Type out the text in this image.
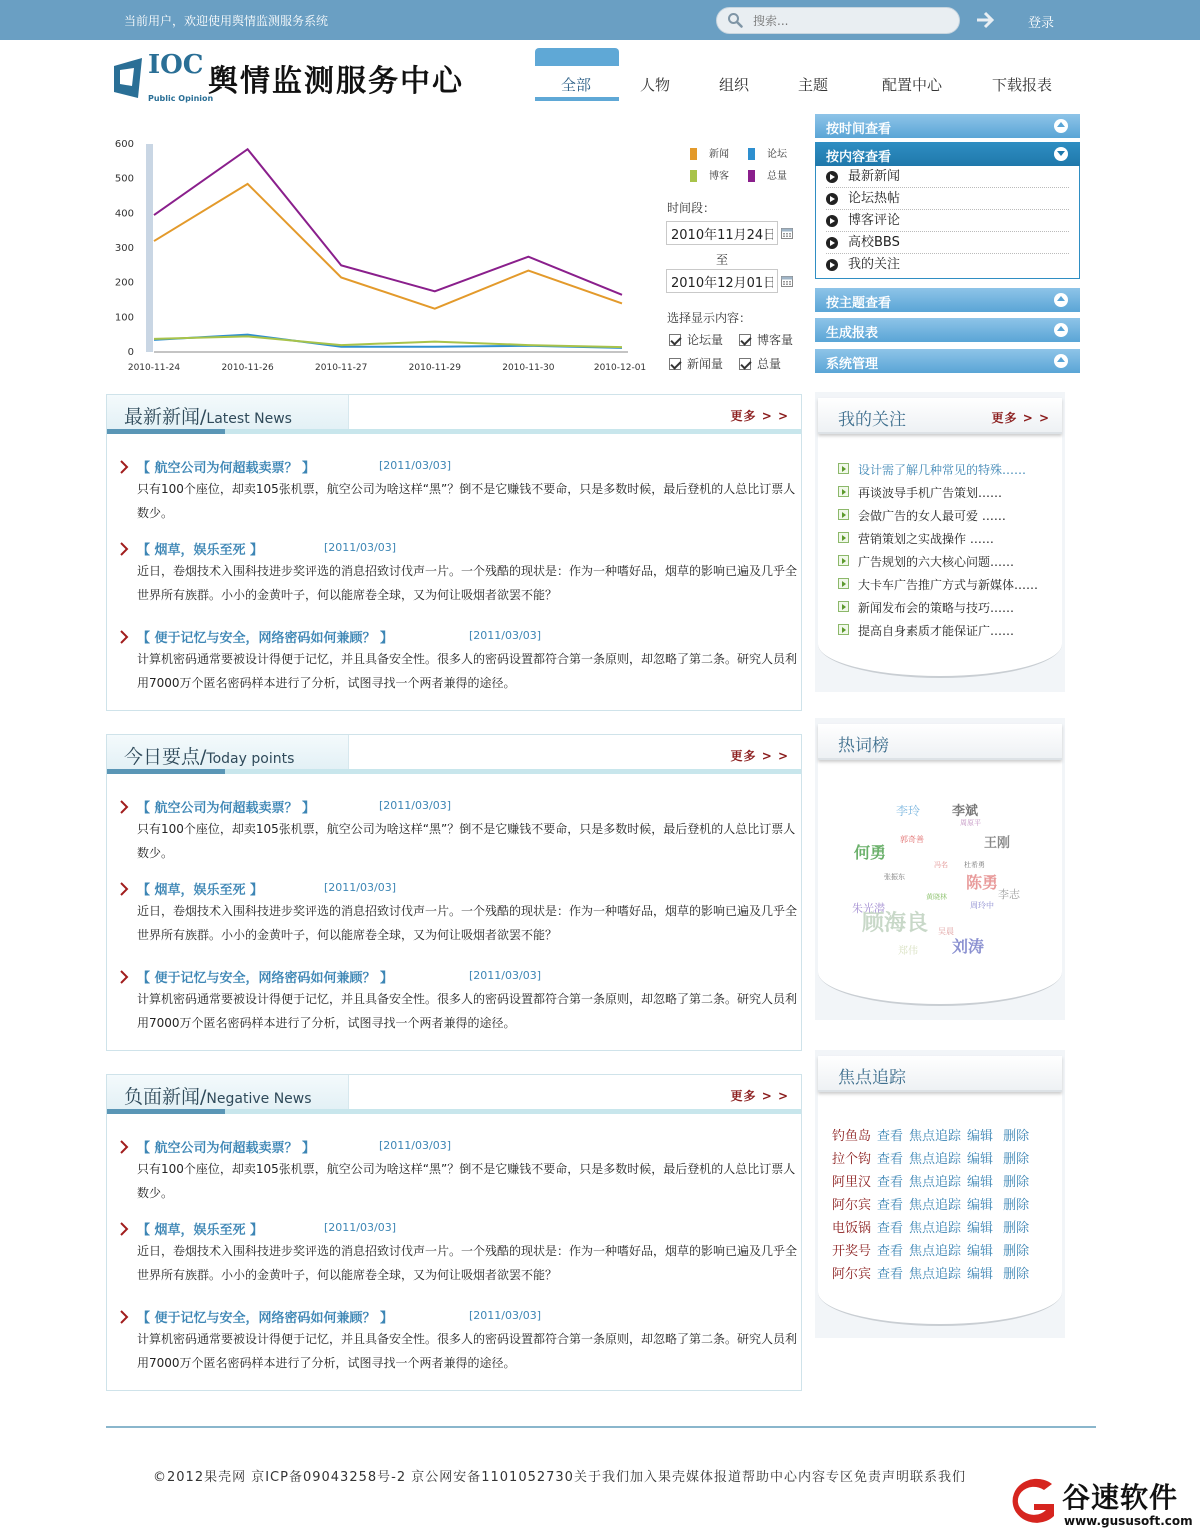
当前用户，欢迎使用舆情监测服务系统
搜索...	登录
IOC
Public Opinion
舆情监测服务中心	全部	人物	组织	主题	配置中心	下载报表
0
100
200
300
400
500
600
2010-11-24	2010-11-26	2010-11-27	2010-11-29	2010-11-30	2010-12-01
新闻	论坛
博客	总量
时间段：
2010年11月24日
至
2010年12月01日
选择显示内容：
论坛量	博客量
新闻量	总量
按时间查看
按内容查看
最新新闻
论坛热帖
博客评论
高校BBS
我的关注
按主题查看
生成报表
系统管理
最新新闻/Latest News	更多 > >
【 航空公司为何超载卖票？ 】	[2011/03/03]
只有100个座位，却卖105张机票，航空公司为啥这样“黑”？倒不是它赚钱不要命，只是多数时候，最后登机的人总比订票人数少。
【 烟草，娱乐至死 】	[2011/03/03]
近日，卷烟技术入围科技进步奖评选的消息招致讨伐声一片。一个残酷的现状是：作为一种嗜好品，烟草的影响已遍及几乎全世界所有族群。小小的金黄叶子，何以能席卷全球，又为何让吸烟者欲罢不能？
【 便于记忆与安全，网络密码如何兼顾？ 】	[2011/03/03]
计算机密码通常要被设计得便于记忆，并且具备安全性。很多人的密码设置都符合第一条原则，却忽略了第二条。研究人员利用7000万个匿名密码样本进行了分析，试图寻找一个两者兼得的途径。
今日要点/Today points	更多 > >
【 航空公司为何超载卖票？ 】	[2011/03/03]
只有100个座位，却卖105张机票，航空公司为啥这样“黑”？倒不是它赚钱不要命，只是多数时候，最后登机的人总比订票人数少。
【 烟草，娱乐至死 】	[2011/03/03]
近日，卷烟技术入围科技进步奖评选的消息招致讨伐声一片。一个残酷的现状是：作为一种嗜好品，烟草的影响已遍及几乎全世界所有族群。小小的金黄叶子，何以能席卷全球，又为何让吸烟者欲罢不能？
【 便于记忆与安全，网络密码如何兼顾？ 】	[2011/03/03]
计算机密码通常要被设计得便于记忆，并且具备安全性。很多人的密码设置都符合第一条原则，却忽略了第二条。研究人员利用7000万个匿名密码样本进行了分析，试图寻找一个两者兼得的途径。
负面新闻/Negative News	更多 > >
【 航空公司为何超载卖票？ 】	[2011/03/03]
只有100个座位，却卖105张机票，航空公司为啥这样“黑”？倒不是它赚钱不要命，只是多数时候，最后登机的人总比订票人数少。
【 烟草，娱乐至死 】	[2011/03/03]
近日，卷烟技术入围科技进步奖评选的消息招致讨伐声一片。一个残酷的现状是：作为一种嗜好品，烟草的影响已遍及几乎全世界所有族群。小小的金黄叶子，何以能席卷全球，又为何让吸烟者欲罢不能？
【 便于记忆与安全，网络密码如何兼顾？ 】	[2011/03/03]
计算机密码通常要被设计得便于记忆，并且具备安全性。很多人的密码设置都符合第一条原则，却忽略了第二条。研究人员利用7000万个匿名密码样本进行了分析，试图寻找一个两者兼得的途径。
我的关注	更多 > >
设计需了解几种常见的特殊……
再谈波导手机广告策划……
会做广告的女人最可爱 ……
营销策划之实战操作 ……
广告规划的六大核心问题……
大卡车广告推广方式与新媒体……
新闻发布会的策略与技巧……
提高自身素质才能保证广……
热词榜
李玲 李斌
周原平
郭奇善	王刚
何勇
冯名 杜希勇
陈勇
张振东
李志
黄晓林
朱光潜	周玲中
顾海良 吴晨
刘涛
郑伟
焦点追踪
钓鱼岛 查看 焦点追踪 编辑 删除
拉个钩 查看 焦点追踪 编辑 删除
阿里汉 查看 焦点追踪 编辑 删除
阿尔宾 查看 焦点追踪 编辑 删除
电饭锅 查看 焦点追踪 编辑 删除
开奖号 查看 焦点追踪 编辑 删除
阿尔宾 查看 焦点追踪 编辑 删除
©2012果壳网 京ICP备09043258号-2 京公网安备1101052730关于我们加入果壳媒体报道帮助中心内容专区免责声明联系我们
谷速软件
www.gususoft.com
